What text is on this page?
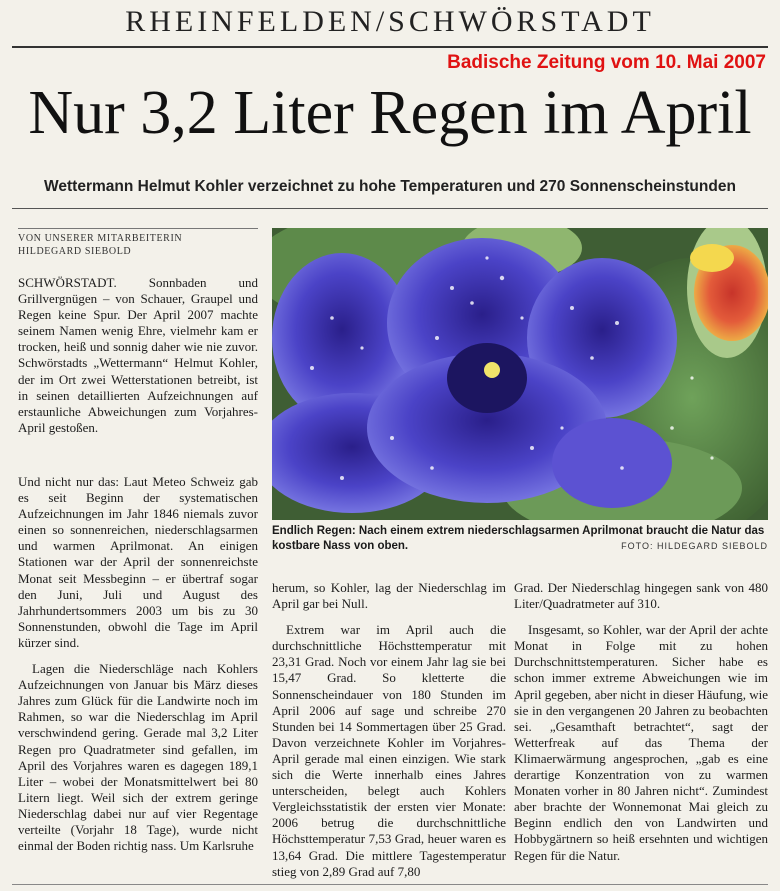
RHEINFELDEN/SCHWÖRSTADT
Badische Zeitung vom 10. Mai 2007
Nur 3,2 Liter Regen im April
Wettermann Helmut Kohler verzeichnet zu hohe Temperaturen und 270 Sonnenscheinstunden
VON UNSERER MITARBEITERIN
HILDEGARD SIEBOLD

SCHWÖRSTADT. Sonnbaden und Grillvergnügen – von Schauer, Graupel und Regen keine Spur. Der April 2007 machte seinem Namen wenig Ehre, vielmehr kam er trocken, heiß und sonnig daher wie nie zuvor. Schwörstadts „Wettermann“ Helmut Kohler, der im Ort zwei Wetterstationen betreibt, ist in seinen detaillierten Aufzeichnungen auf erstaunliche Abweichungen zum Vorjahres-April gestoßen.

Und nicht nur das: Laut Meteo Schweiz gab es seit Beginn der systematischen Aufzeichnungen im Jahr 1846 niemals zuvor einen so sonnenreichen, niederschlagsarmen und warmen Aprilmonat. An einigen Stationen war der April der sonnenreichste Monat seit Messbeginn – er übertraf sogar den Juni, Juli und August des Jahrhundertsommers 2003 um bis zu 30 Sonnenstunden, obwohl die Tage im April kürzer sind.

Lagen die Niederschläge nach Kohlers Aufzeichnungen von Januar bis März dieses Jahres zum Glück für die Landwirte noch im Rahmen, so war die Niederschlag im April verschwindend gering. Gerade mal 3,2 Liter Regen pro Quadratmeter sind gefallen, im April des Vorjahres waren es dagegen 189,1 Liter – wobei der Monatsmittelwert bei 80 Litern liegt. Weil sich der extrem geringe Niederschlag dabei nur auf vier Regentage verteilte (Vorjahr 18 Tage), wurde nicht einmal der Boden richtig nass. Um Karlsruhe

Endlich Regen: Nach einem extrem niederschlagsarmen Aprilmonat braucht die Natur das kostbare Nass von oben.	FOTO: HILDEGARD SIEBOLD

herum, so Kohler, lag der Niederschlag im April gar bei Null.

Extrem war im April auch die durchschnittliche Höchsttemperatur mit 23,31 Grad. Noch vor einem Jahr lag sie bei 15,47 Grad. So kletterte die Sonnenscheindauer von 180 Stunden im April 2006 auf sage und schreibe 270 Stunden bei 14 Sommertagen über 25 Grad. Davon verzeichnete Kohler im Vorjahres-April gerade mal einen einzigen. Wie stark sich die Werte innerhalb eines Jahres unterscheiden, belegt auch Kohlers Vergleichsstatistik der ersten vier Monate: 2006 betrug die durchschnittliche Höchsttemperatur 7,53 Grad, heuer waren es 13,64 Grad. Die mittlere Tagestemperatur stieg von 2,89 Grad auf 7,80

Grad. Der Niederschlag hingegen sank von 480 Liter/Quadratmeter auf 310.

Insgesamt, so Kohler, war der April der achte Monat in Folge mit zu hohen Durchschnittstemperaturen. Sicher habe es schon immer extreme Abweichungen wie im April gegeben, aber nicht in dieser Häufung, wie sie in den vergangenen 20 Jahren zu beobachten sei. „Gesamthaft betrachtet“, sagt der Wetterfreak auf das Thema der Klimaerwärmung angesprochen, „gab es eine derartige Konzentration von zu warmen Monaten vorher in 80 Jahren nicht“. Zumindest aber brachte der Wonnemonat Mai gleich zu Beginn endlich den von Landwirten und Hobbygärtnern so heiß ersehnten und wichtigen Regen für die Natur.
